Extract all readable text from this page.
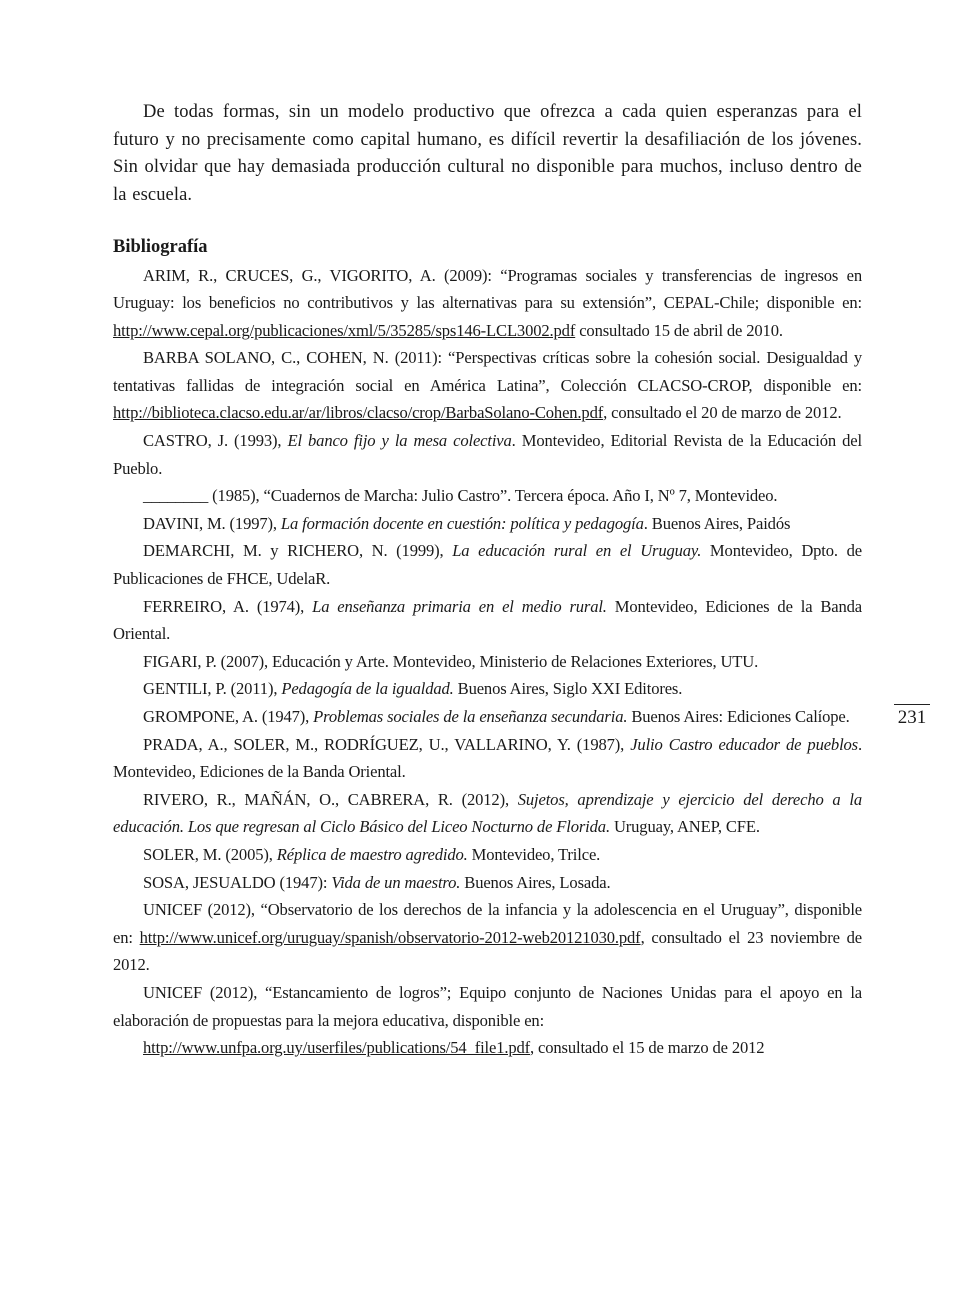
De todas formas, sin un modelo productivo que ofrezca a cada quien esperanzas para el futuro y no precisamente como capital humano, es difícil revertir la desafiliación de los jóvenes. Sin olvidar que hay demasiada producción cultural no disponible para muchos, incluso dentro de la escuela.

Bibliografía

ARIM, R., CRUCES, G., VIGORITO, A. (2009): “Programas sociales y transferencias de ingresos en Uruguay: los beneficios no contributivos y las alternativas para su extensión”, CEPAL-Chile; disponible en: http://www.cepal.org/publicaciones/xml/5/35285/sps146-LCL3002.pdf consultado 15 de abril de 2010.

BARBA SOLANO, C., COHEN, N. (2011): “Perspectivas críticas sobre la cohesión social. Desigualdad y tentativas fallidas de integración social en América Latina”, Colección CLACSO-CROP, disponible en: http://biblioteca.clacso.edu.ar/ar/libros/clacso/crop/BarbaSolano-Cohen.pdf, consultado el 20 de marzo de 2012.

CASTRO, J. (1993), El banco fijo y la mesa colectiva. Montevideo, Editorial Revista de la Educación del Pueblo.

________ (1985), “Cuadernos de Marcha: Julio Castro”. Tercera época. Año I, Nº 7, Montevideo.

DAVINI, M. (1997), La formación docente en cuestión: política y pedagogía. Buenos Aires, Paidós

DEMARCHI, M. y RICHERO, N. (1999), La educación rural en el Uruguay. Montevideo, Dpto. de Publicaciones de FHCE, UdelaR.

FERREIRO, A. (1974), La enseñanza primaria en el medio rural. Montevideo, Ediciones de la Banda Oriental.

FIGARI, P. (2007), Educación y Arte. Montevideo, Ministerio de Relaciones Exteriores, UTU.

GENTILI, P. (2011), Pedagogía de la igualdad. Buenos Aires, Siglo XXI Editores.

GROMPONE, A. (1947), Problemas sociales de la enseñanza secundaria. Buenos Aires: Ediciones Calíope.

PRADA, A., SOLER, M., RODRÍGUEZ, U., VALLARINO, Y. (1987), Julio Castro educador de pueblos. Montevideo, Ediciones de la Banda Oriental.

RIVERO, R., MAÑÁN, O., CABRERA, R. (2012), Sujetos, aprendizaje y ejercicio del derecho a la educación. Los que regresan al Ciclo Básico del Liceo Nocturno de Florida. Uruguay, ANEP, CFE.

SOLER, M. (2005), Réplica de maestro agredido. Montevideo, Trilce.

SOSA, JESUALDO (1947): Vida de un maestro. Buenos Aires, Losada.

UNICEF (2012), “Observatorio de los derechos de la infancia y la adolescencia en el Uruguay”, disponible en: http://www.unicef.org/uruguay/spanish/observatorio-2012-web20121030.pdf, consultado el 23 noviembre de 2012.

UNICEF (2012), “Estancamiento de logros”; Equipo conjunto de Naciones Unidas para el apoyo en la elaboración de propuestas para la mejora educativa, disponible en:

http://www.unfpa.org.uy/userfiles/publications/54_file1.pdf, consultado el 15 de marzo de 2012

231
